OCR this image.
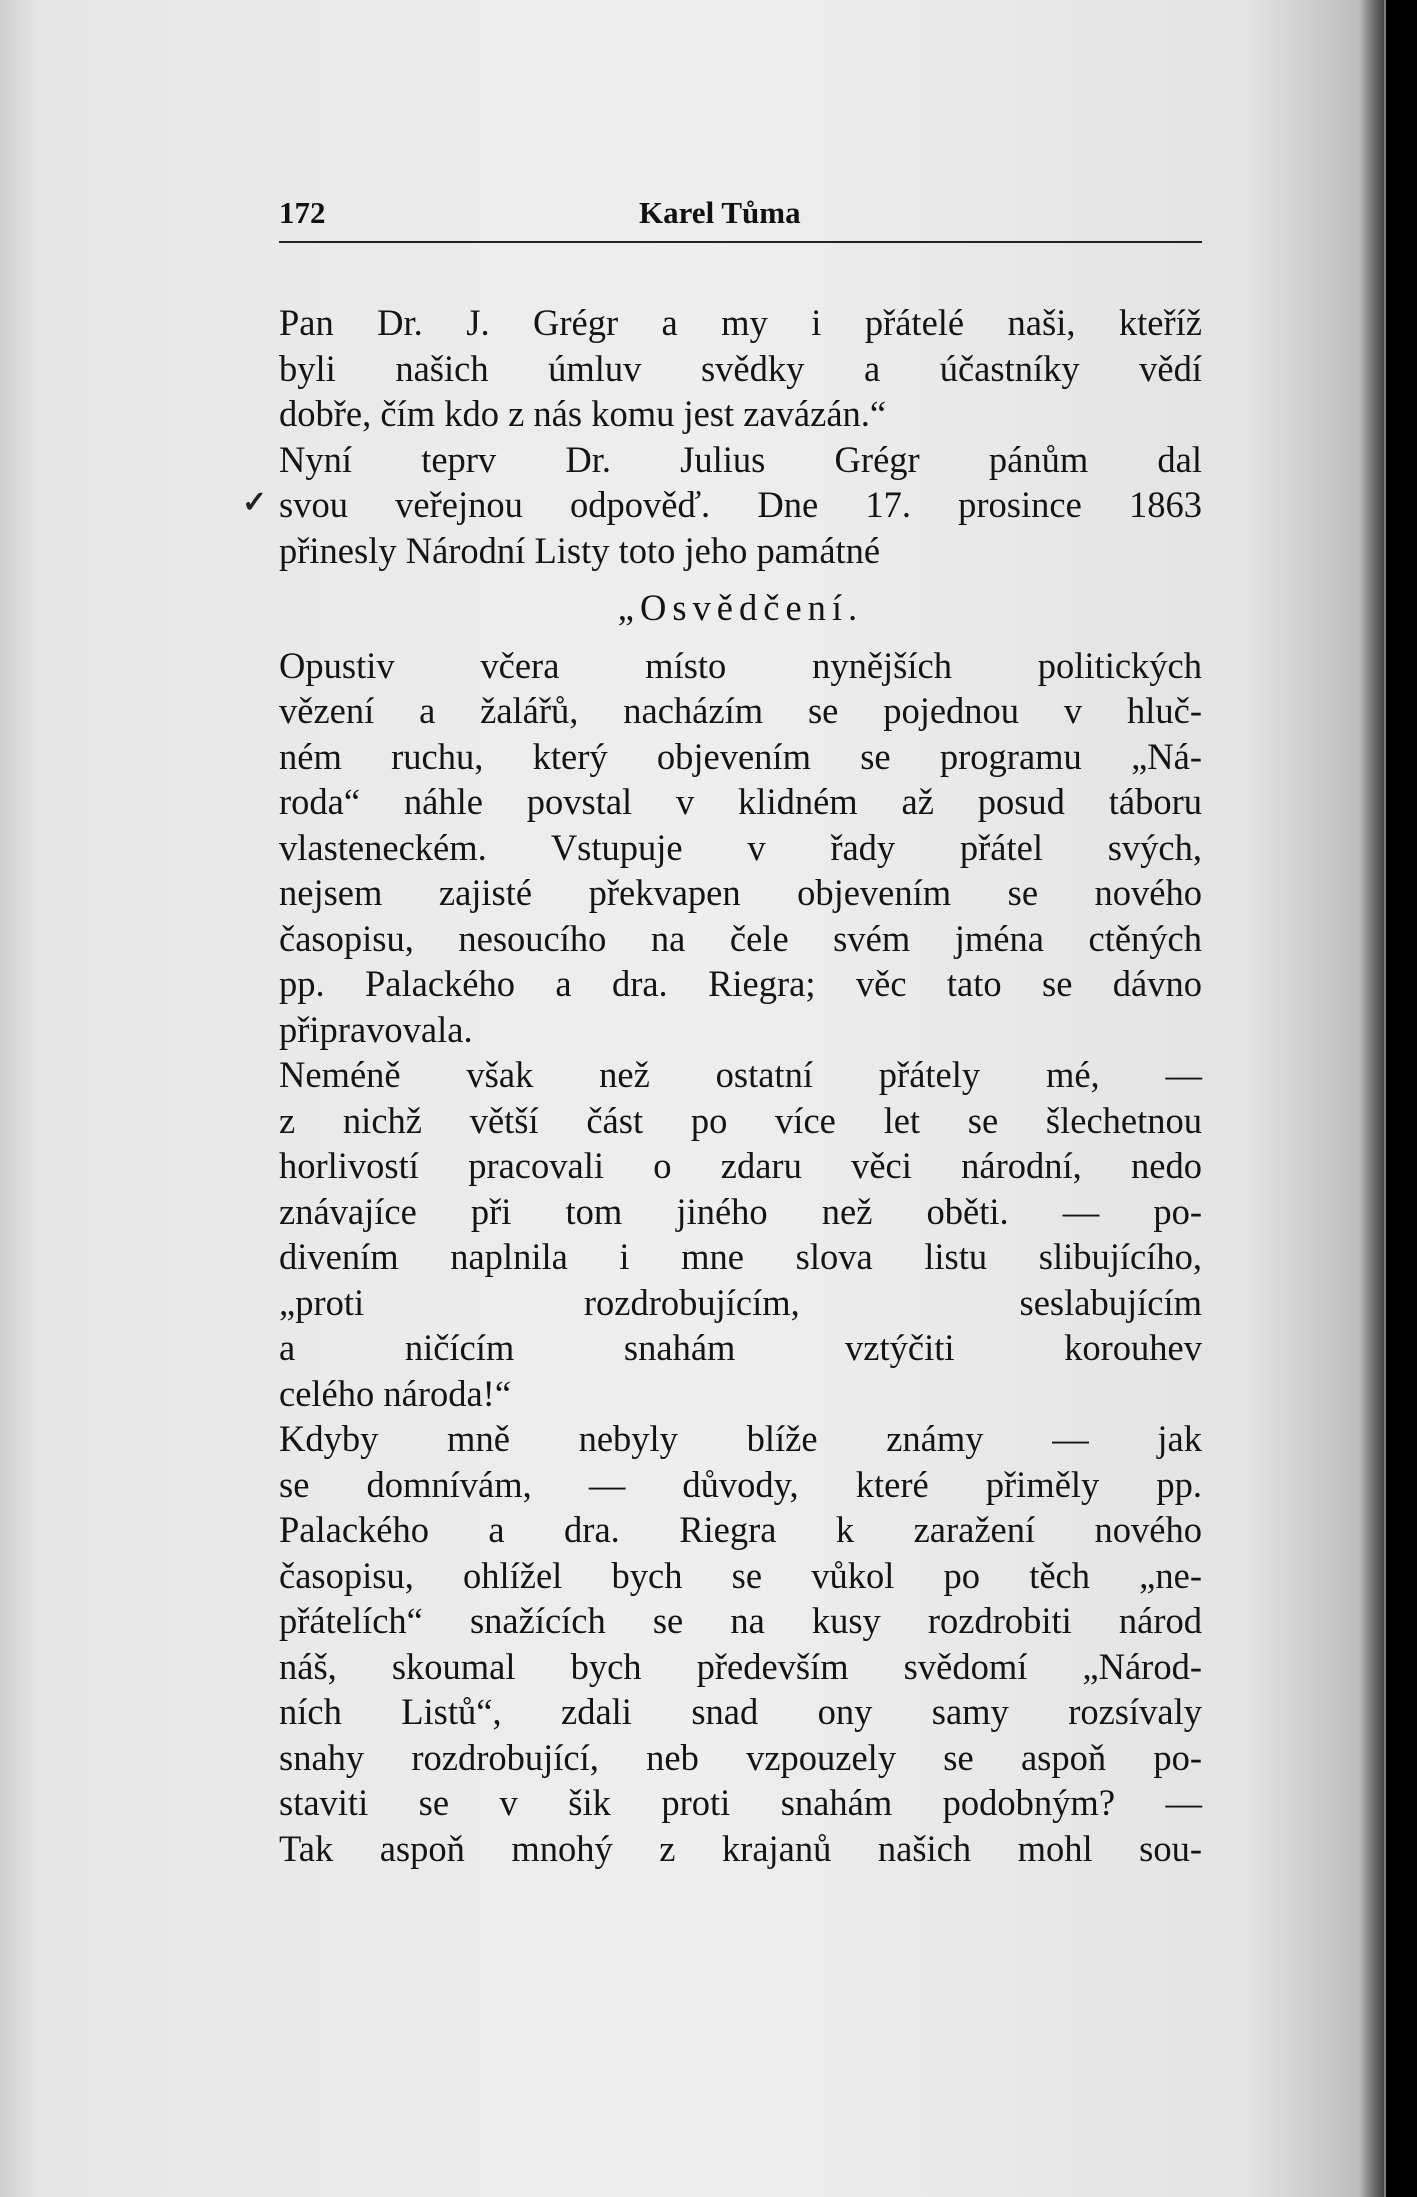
172	Karel Tůma
✓
Pan Dr. J. Grégr a my i přátelé naši, kteříž
byli našich úmluv svědky a účastníky vědí
dobře, čím kdo z nás komu jest zavázán.“
Nyní teprv Dr. Julius Grégr pánům dal
svou veřejnou odpověď. Dne 17. prosince 1863
přinesly Národní Listy toto jeho památné
„Osvědčení.
Opustiv včera místo nynějších politických
vězení a žalářů, nacházím se pojednou v hluč-
ném ruchu, který objevením se programu „Ná-
roda“ náhle povstal v klidném až posud táboru
vlasteneckém. Vstupuje v řady přátel svých,
nejsem zajisté překvapen objevením se nového
časopisu, nesoucího na čele svém jména ctěných
pp. Palackého a dra. Riegra; věc tato se dávno
připravovala.
Neméně však než ostatní přátely mé, —
z nichž větší část po více let se šlechetnou
horlivostí pracovali o zdaru věci národní, nedo
znávajíce při tom jiného než oběti. — po-
divením naplnila i mne slova listu slibujícího,
„proti rozdrobujícím, seslabujícím
a ničícím snahám vztýčiti korouhev
celého národa!“
Kdyby mně nebyly blíže známy — jak
se domnívám, — důvody, které přiměly pp.
Palackého a dra. Riegra k zaražení nového
časopisu, ohlížel bych se vůkol po těch „ne-
přátelích“ snažících se na kusy rozdrobiti národ
náš, skoumal bych především svědomí „Národ-
ních Listů“, zdali snad ony samy rozsívaly
snahy rozdrobující, neb vzpouzely se aspoň po-
staviti se v šik proti snahám podobným? —
Tak aspoň mnohý z krajanů našich mohl sou-
